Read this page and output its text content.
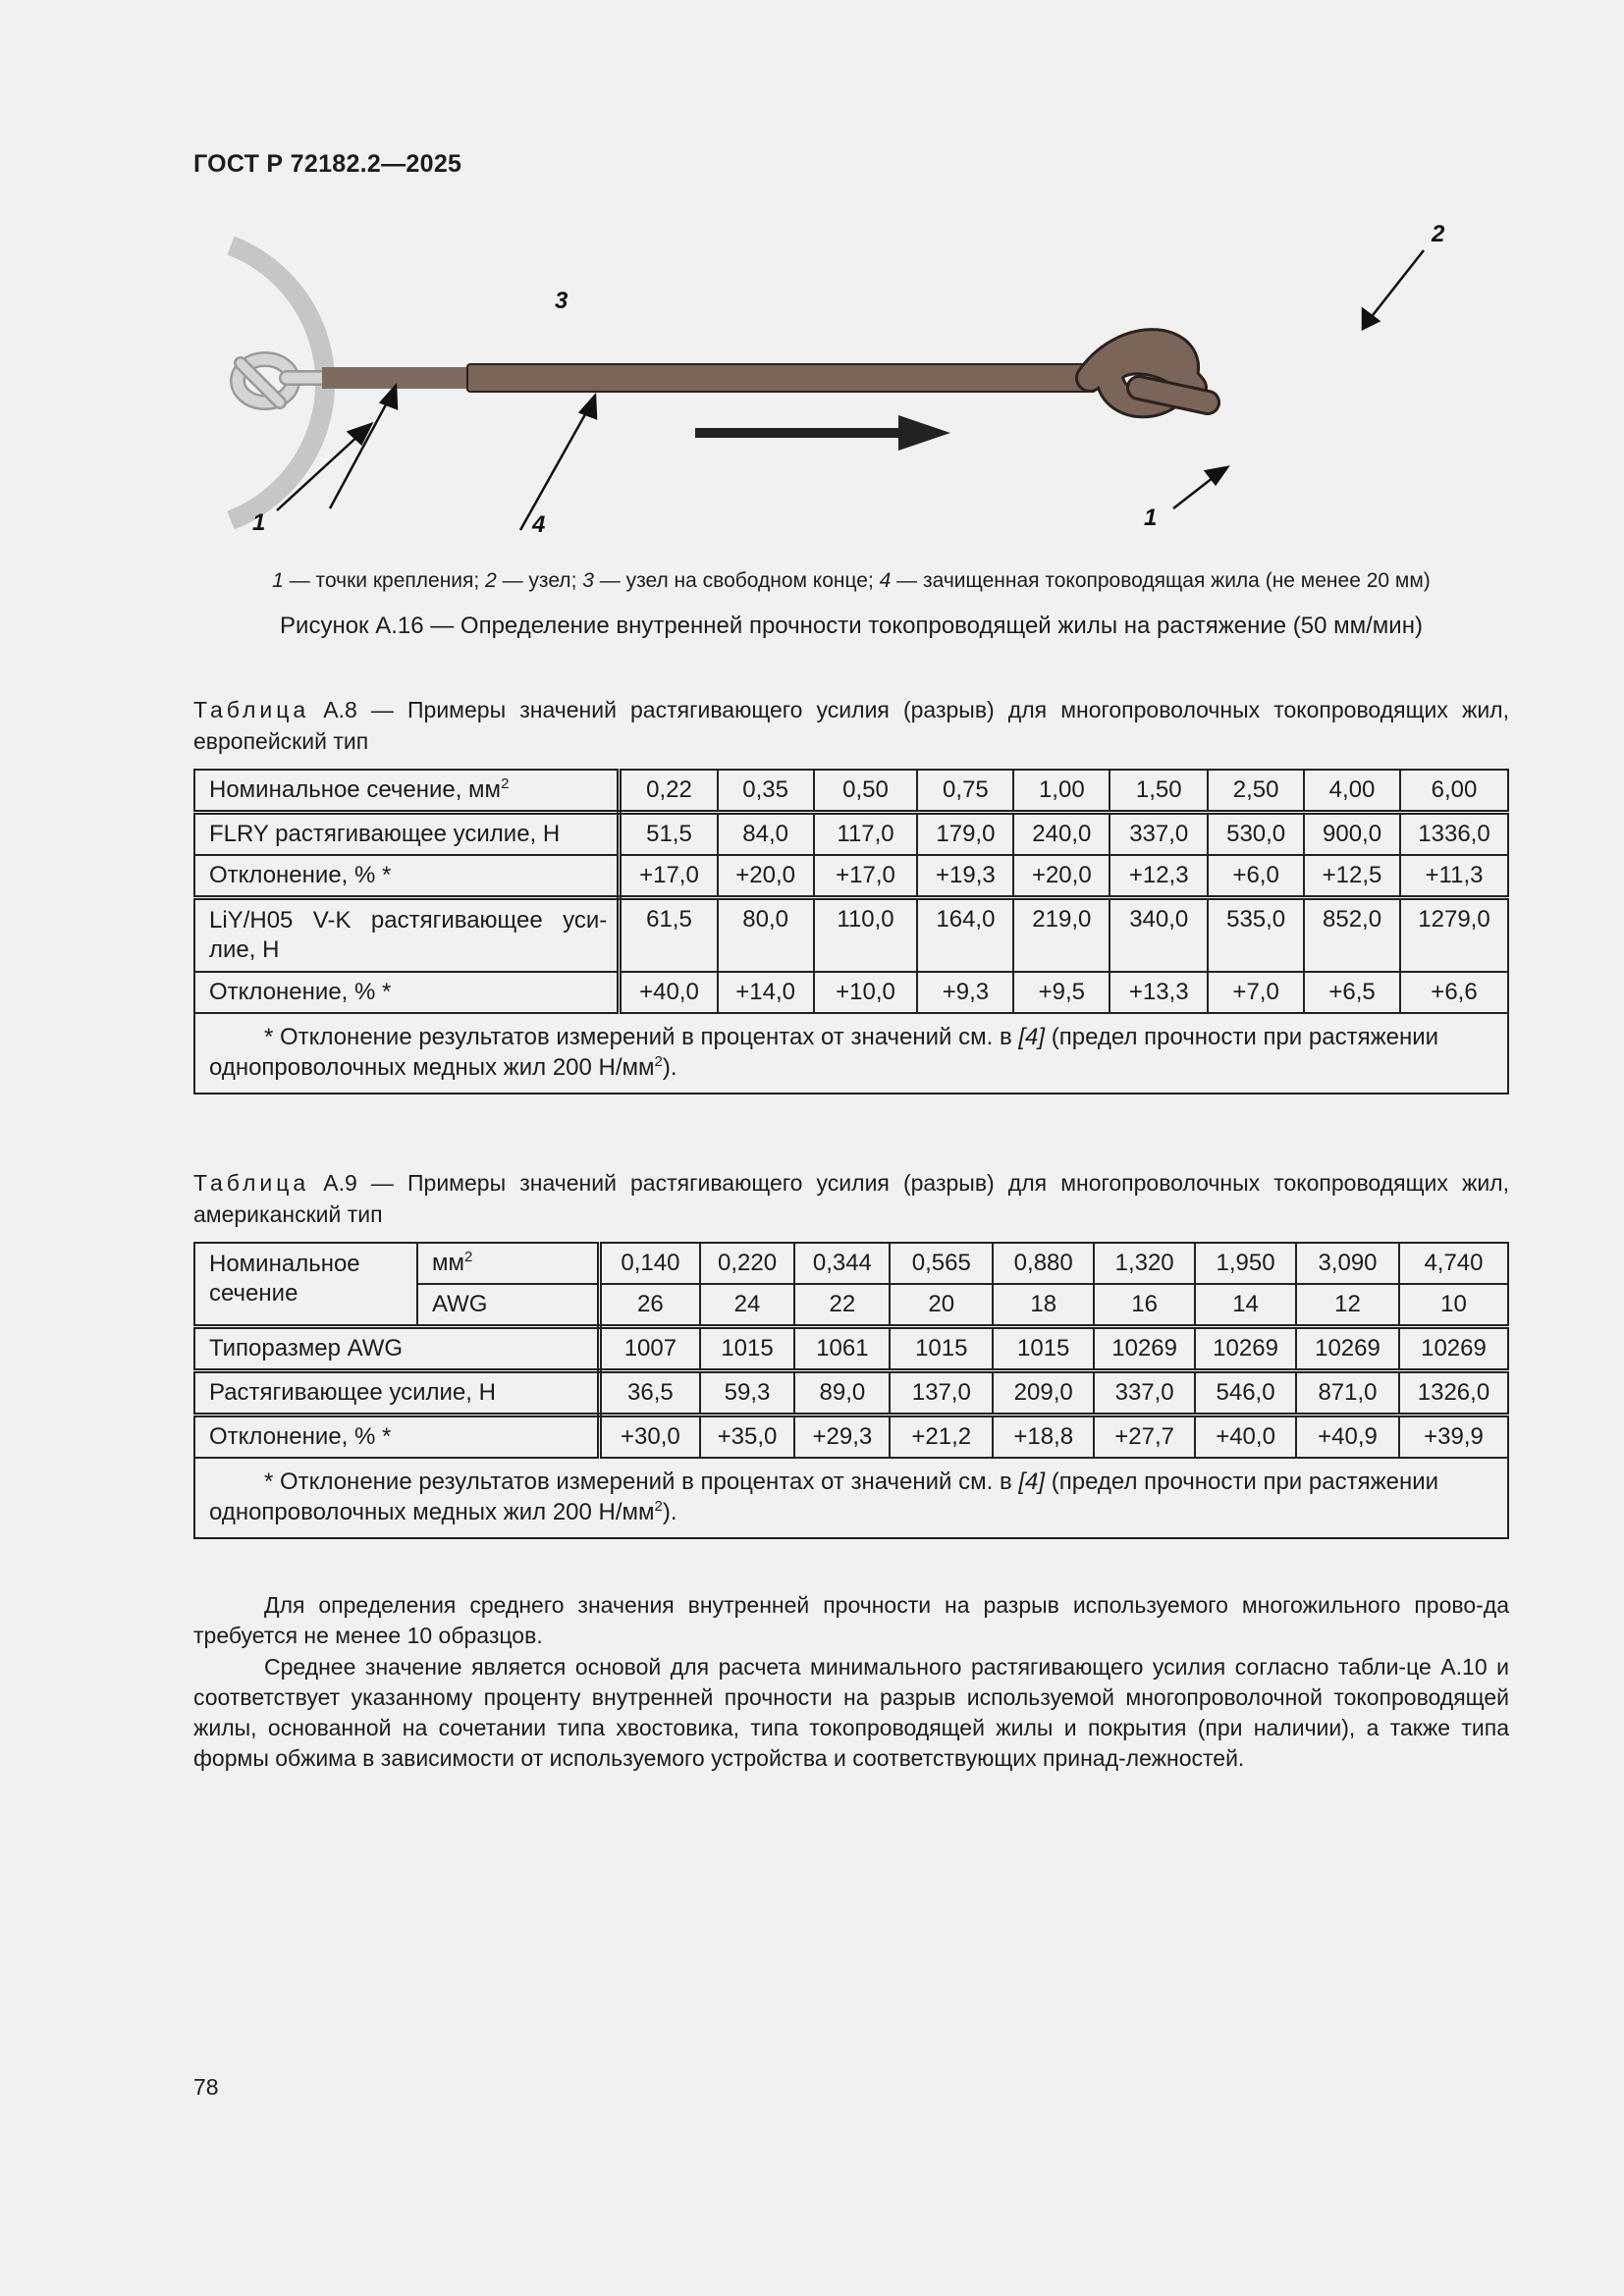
ГОСТ Р 72182.2—2025
3
2
1	4	1
1 — точки крепления; 2 — узел; 3 — узел на свободном конце; 4 — зачищенная токопроводящая жила (не менее 20 мм)
Рисунок А.16 — Определение внутренней прочности токопроводящей жилы на растяжение (50 мм/мин)
Таблица А.8 — Примеры значений растягивающего усилия (разрыв) для многопроволочных токопроводящих жил, европейский тип
Номинальное сечение, $мм^2$	0,22	0,35	0,50	0,75	1,00	1,50	2,50	4,00	6,00
FLRY растягивающее усилие, Н	51,5	84,0	117,0	179,0	240,0	337,0	530,0	900,0	1336,0
Отклонение, % *	+17,0	+20,0	+17,0	+19,3	+20,0	+12,3	+6,0	+12,5	+11,3
LiY/H05 V-K растягивающее уси-лие, Н	61,5	80,0	110,0	164,0	219,0	340,0	535,0	852,0	1279,0
Отклонение, % *	+40,0	+14,0	+10,0	+9,3	+9,5	+13,3	+7,0	+6,5	+6,6
* Отклонение результатов измерений в процентах от значений см. в [4] (предел прочности при растяжении однопроволочных медных жил 200 $Н/мм^2$).									
Таблица А.9 — Примеры значений растягивающего усилия (разрыв) для многопроволочных токопроводящих жил, американский тип
Номинальное сечение	$мм^2$	0,140	0,220	0,344	0,565	0,880	1,320	1,950	3,090	4,740
	AWG	26	24	22	20	18	16	14	12	10
Типоразмер AWG		1007	1015	1061	1015	1015	10269	10269	10269	10269
Растягивающее усилие, Н		36,5	59,3	89,0	137,0	209,0	337,0	546,0	871,0	1326,0
Отклонение, % *		+30,0	+35,0	+29,3	+21,2	+18,8	+27,7	+40,0	+40,9	+39,9
* Отклонение результатов измерений в процентах от значений см. в [4] (предел прочности при растяжении однопроволочных медных жил 200 $Н/мм^2$).										

Для определения среднего значения внутренней прочности на разрыв используемого многожильного прово-да требуется не менее 10 образцов.

Среднее значение является основой для расчета минимального растягивающего усилия согласно табли-це А.10 и соответствует указанному проценту внутренней прочности на разрыв используемой многопроволочной токопроводящей жилы, основанной на сочетании типа хвостовика, типа токопроводящей жилы и покрытия (при наличии), а также типа формы обжима в зависимости от используемого устройства и соответствующих принад-лежностей.

78
